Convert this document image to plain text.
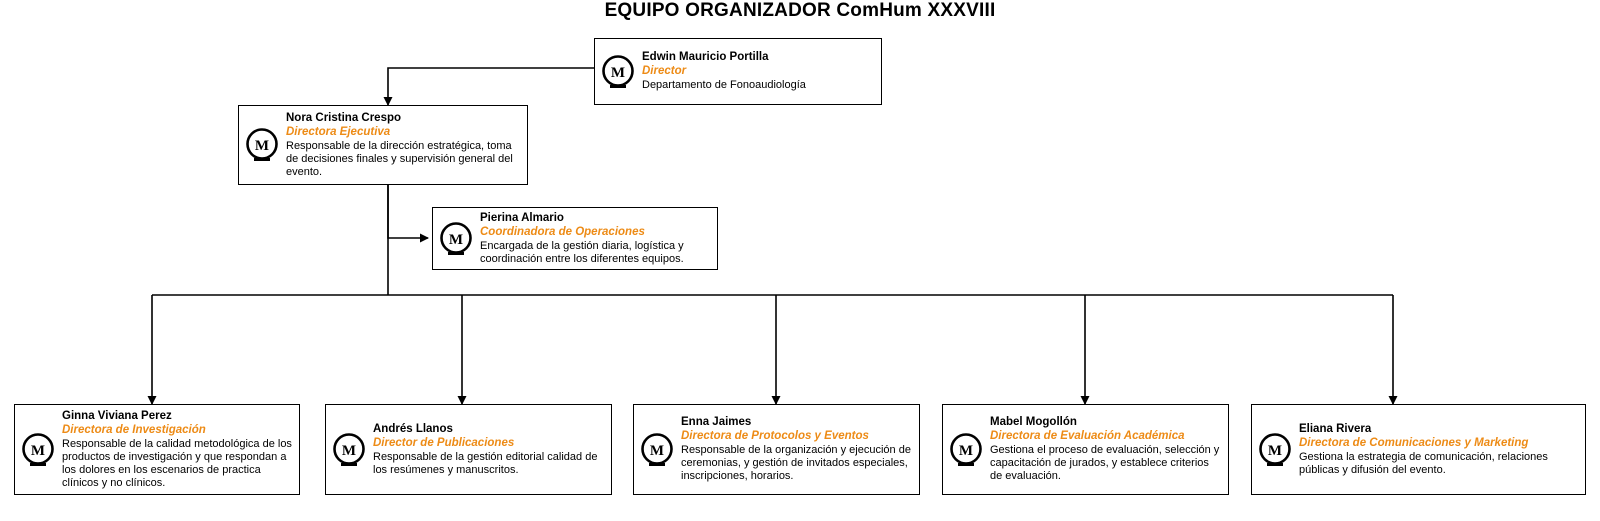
EQUIPO ORGANIZADOR ComHum XXXVIII
M
Edwin Mauricio Portilla
Director
Departamento de Fonoaudiología
M
Nora Cristina Crespo
Directora Ejecutiva
Responsable de la dirección estratégica, toma de decisiones finales y supervisión general del evento.
M
Pierina Almario
Coordinadora de Operaciones
Encargada de la gestión diaria, logística y coordinación entre los diferentes equipos.
M
Ginna Viviana Perez
Directora de Investigación
Responsable de la calidad metodológica de los productos de investigación y que respondan a los dolores en los escenarios de practica clínicos y no clínicos.
M
Andrés Llanos
Director de Publicaciones
Responsable de la gestión editorial calidad de los resúmenes y manuscritos.
M
Enna Jaimes
Directora de Protocolos y Eventos
Responsable de la organización y ejecución de ceremonias, y gestión de invitados especiales, inscripciones, horarios.
M
Mabel Mogollón
Directora de Evaluación Académica
Gestiona el proceso de evaluación, selección y capacitación de jurados, y establece criterios de evaluación.
M
Eliana Rivera
Directora de Comunicaciones y Marketing
Gestiona la estrategia de comunicación, relaciones públicas y difusión del evento.
